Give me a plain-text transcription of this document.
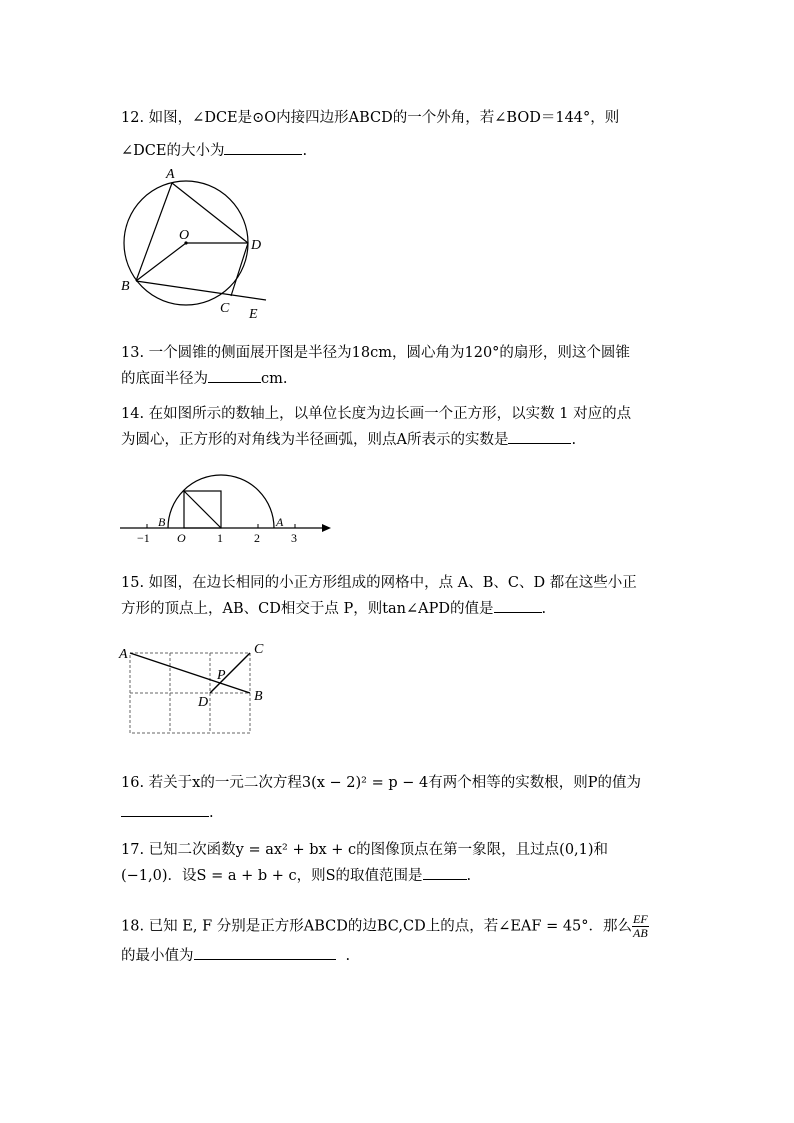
12. 如图，∠DCE是⊙O内接四边形ABCD的一个外角，若∠BOD＝144°，则
∠DCE的大小为	.
A
O
D
B
C E
13. 一个圆锥的侧面展开图是半径为18cm，圆心角为120°的扇形，则这个圆锥
的底面半径为	cm.
14. 在如图所示的数轴上，以单位长度为边长画一个正方形，以实数 1 对应的点
为圆心，正方形的对角线为半径画弧，则点A所表示的实数是	.
B	A
−1 O	1	2	3
15. 如图，在边长相同的小正方形组成的网格中，点 A、B、C、D 都在这些小正
方形的顶点上，AB、CD相交于点 P，则tan∠APD的值是	.
A	C
P
D	B
16. 若关于x的一元二次方程3(x − 2)² = p − 4有两个相等的实数根，则P的值为
.
17. 已知二次函数y = ax² + bx + c的图像顶点在第一象限，且过点(0,1)和
(−1,0)．设S = a + b + c，则S的取值范围是	.
18. 已知 E, F 分别是正方形ABCD的边BC,CD上的点，若∠EAF = 45°．那么 $\frac{EF}{AB}$
的最小值为	.
